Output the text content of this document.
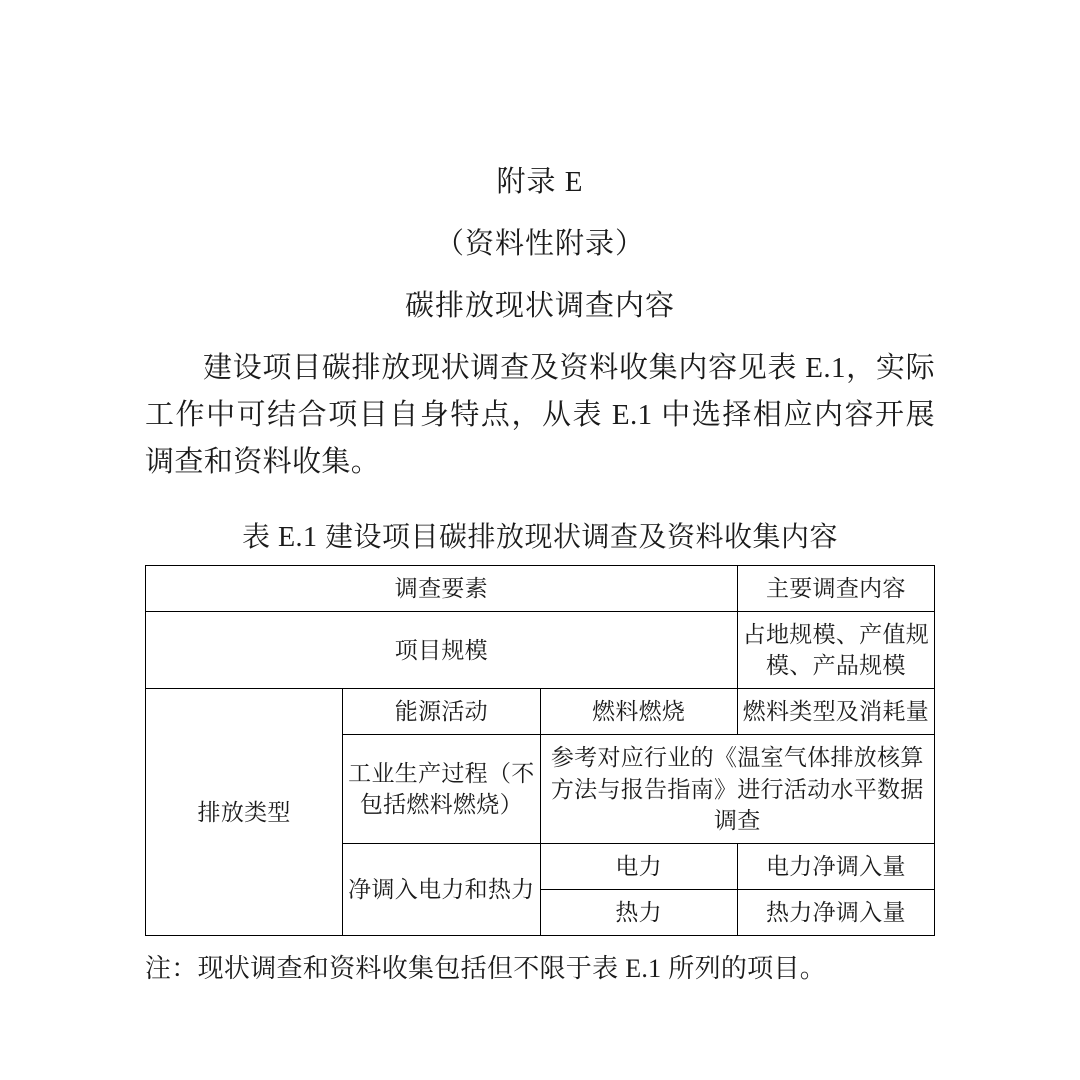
附录 E
（资料性附录）
碳排放现状调查内容

建设项目碳排放现状调查及资料收集内容见表 E.1，实际工作中可结合项目自身特点，从表 E.1 中选择相应内容开展调查和资料收集。

表 E.1 建设项目碳排放现状调查及资料收集内容
调查要素			主要调查内容
项目规模			占地规模、产值规模、产品规模
排放类型	能源活动	燃料燃烧	燃料类型及消耗量
	工业生产过程（不包括燃料燃烧）	参考对应行业的《温室气体排放核算方法与报告指南》进行活动水平数据调查	
	净调入电力和热力	电力	电力净调入量
		热力	热力净调入量
注：现状调查和资料收集包括但不限于表 E.1 所列的项目。
